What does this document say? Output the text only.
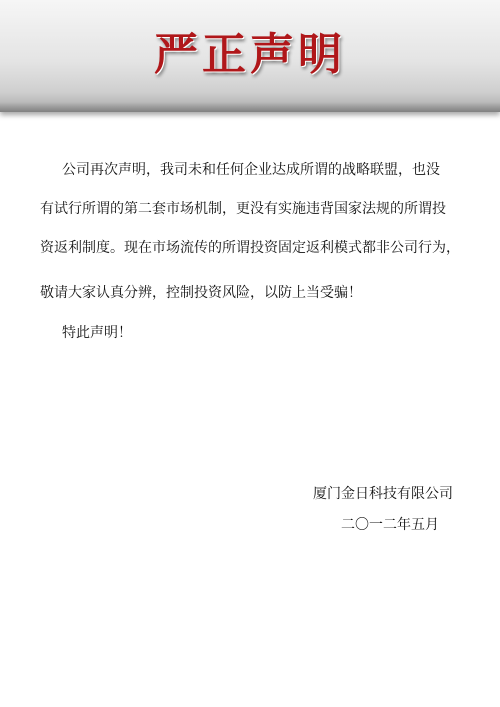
严正声明
公司再次声明，我司未和任何企业达成所谓的战略联盟，也没
有试行所谓的第二套市场机制，更没有实施违背国家法规的所谓投
资返利制度。现在市场流传的所谓投资固定返利模式都非公司行为，
敬请大家认真分辨，控制投资风险，以防上当受骗！
特此声明！
厦门金日科技有限公司
二〇一二年五月
